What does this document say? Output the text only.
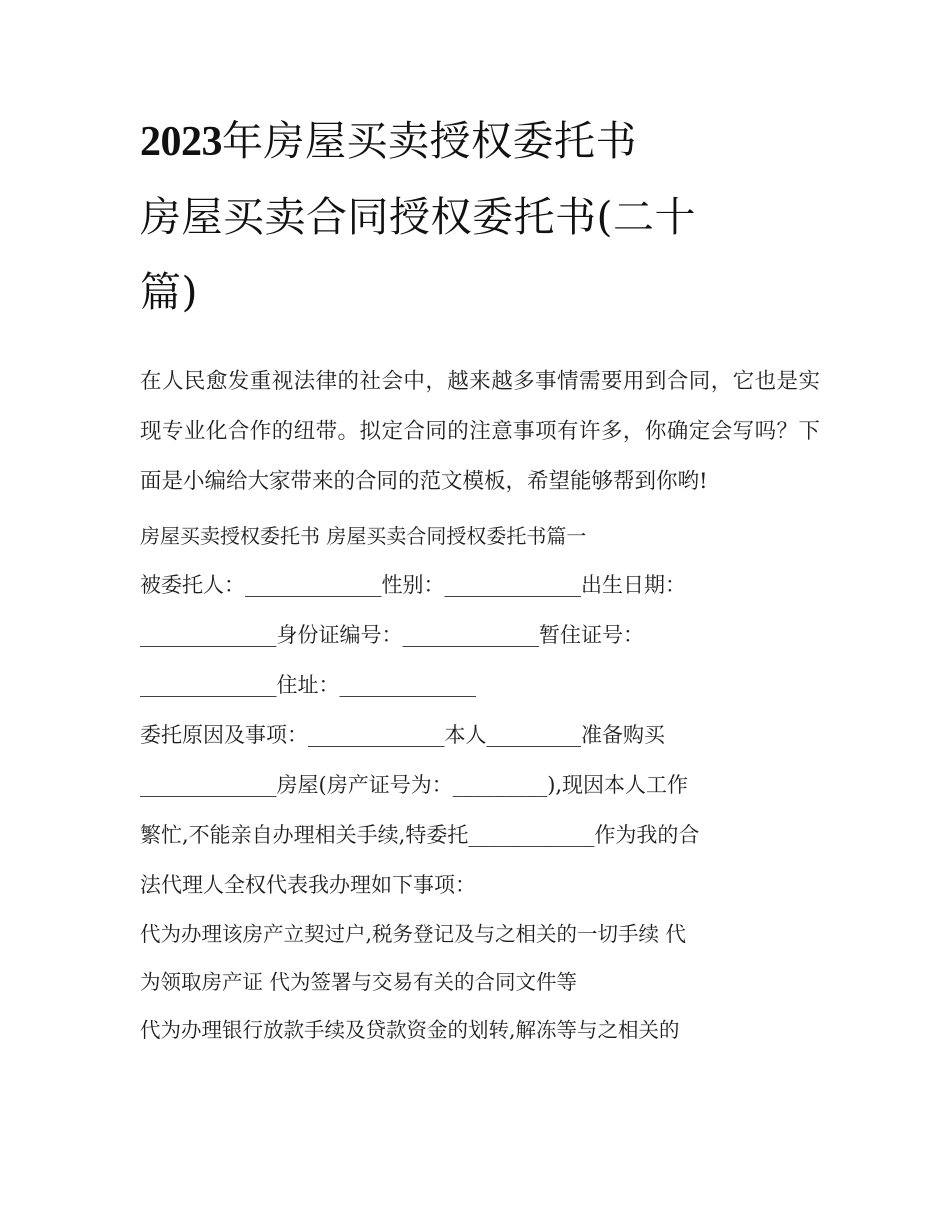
2023年房屋买卖授权委托书
房屋买卖合同授权委托书(二十
篇)

在人民愈发重视法律的社会中，越来越多事情需要用到合同，它也是实现专业化合作的纽带。拟定合同的注意事项有许多，你确定会写吗？下面是小编给大家带来的合同的范文模板，希望能够帮到你哟!

房屋买卖授权委托书 房屋买卖合同授权委托书篇一

被委托人：_____________性别：_____________出生日期：

_____________身份证编号：_____________暂住证号：

_____________住址：_____________

委托原因及事项：_____________本人_________准备购买

_____________房屋(房产证号为：_________),现因本人工作

繁忙,不能亲自办理相关手续,特委托____________作为我的合

法代理人全权代表我办理如下事项：

代为办理该房产立契过户,税务登记及与之相关的一切手续 代

为领取房产证 代为签署与交易有关的合同文件等

代为办理银行放款手续及贷款资金的划转,解冻等与之相关的
